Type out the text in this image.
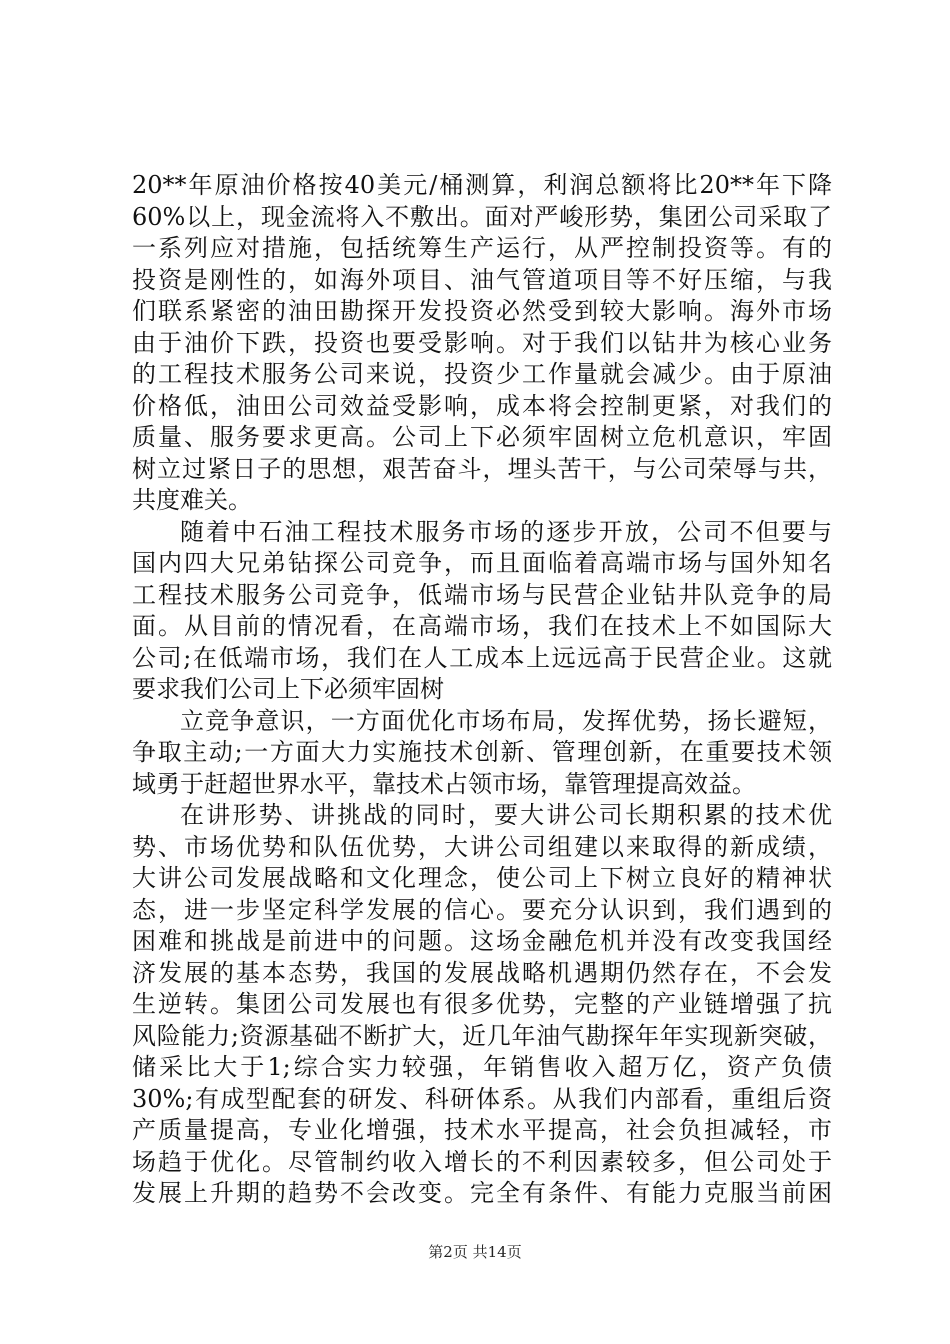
20**年原油价格按40美元/桶测算，利润总额将比20**年下降
60%以上，现金流将入不敷出。面对严峻形势，集团公司采取了
一系列应对措施，包括统筹生产运行，从严控制投资等。有的
投资是刚性的，如海外项目、油气管道项目等不好压缩，与我
们联系紧密的油田勘探开发投资必然受到较大影响。海外市场
由于油价下跌，投资也要受影响。对于我们以钻井为核心业务
的工程技术服务公司来说，投资少工作量就会减少。由于原油
价格低，油田公司效益受影响，成本将会控制更紧，对我们的
质量、服务要求更高。公司上下必须牢固树立危机意识，牢固
树立过紧日子的思想，艰苦奋斗，埋头苦干，与公司荣辱与共，
共度难关。
随着中石油工程技术服务市场的逐步开放，公司不但要与
国内四大兄弟钻探公司竞争，而且面临着高端市场与国外知名
工程技术服务公司竞争，低端市场与民营企业钻井队竞争的局
面。从目前的情况看，在高端市场，我们在技术上不如国际大
公司;在低端市场，我们在人工成本上远远高于民营企业。这就
要求我们公司上下必须牢固树
立竞争意识，一方面优化市场布局，发挥优势，扬长避短，
争取主动;一方面大力实施技术创新、管理创新，在重要技术领
域勇于赶超世界水平，靠技术占领市场，靠管理提高效益。
在讲形势、讲挑战的同时，要大讲公司长期积累的技术优
势、市场优势和队伍优势，大讲公司组建以来取得的新成绩，
大讲公司发展战略和文化理念，使公司上下树立良好的精神状
态，进一步坚定科学发展的信心。要充分认识到，我们遇到的
困难和挑战是前进中的问题。这场金融危机并没有改变我国经
济发展的基本态势，我国的发展战略机遇期仍然存在，不会发
生逆转。集团公司发展也有很多优势，完整的产业链增强了抗
风险能力;资源基础不断扩大，近几年油气勘探年年实现新突破，
储采比大于1;综合实力较强，年销售收入超万亿，资产负债
30%;有成型配套的研发、科研体系。从我们内部看，重组后资
产质量提高，专业化增强，技术水平提高，社会负担减轻，市
场趋于优化。尽管制约收入增长的不利因素较多，但公司处于
发展上升期的趋势不会改变。完全有条件、有能力克服当前困
第2页 共14页
